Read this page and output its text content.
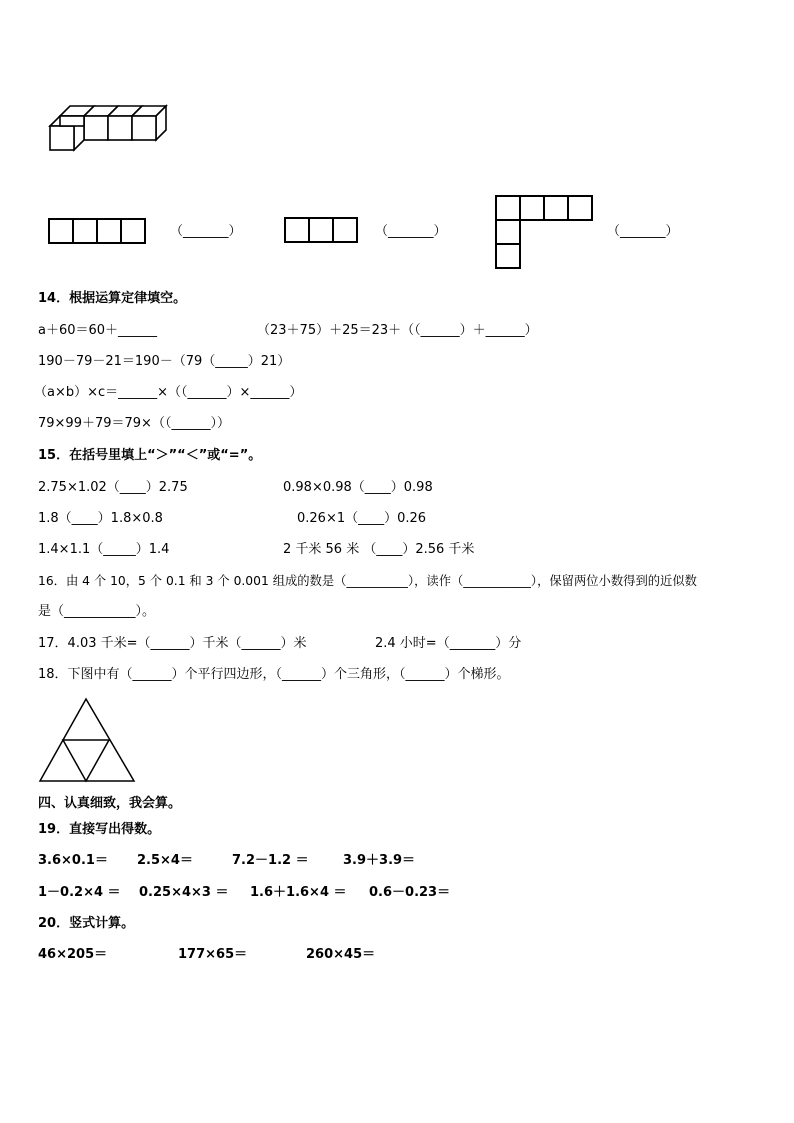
（_______）	（_______）	（_______）
14．根据运算定律填空。
a＋60＝60＋______	（23＋75）＋25＝23＋（（______）＋______）
190－79－21＝190－（79（_____）21）
（a×b）×c＝______×（（______）×______）
79×99＋79＝79×（（______））
15．在括号里填上“＞”“＜”或“=”。
2.75×1.02（____）2.75	0.98×0.98（____）0.98
1.8（____）1.8×0.8	0.26×1（____）0.26
1.4×1.1（_____）1.4	2 千米 56 米 （____）2.56 千米
16．由 4 个 10，5 个 0.1 和 3 个 0.001 组成的数是（__________），读作（___________），保留两位小数得到的近似数
是（___________）。
17．4.03 千米=（______）千米（______）米	2.4 小时=（_______）分
18．下图中有（______）个平行四边形，（______）个三角形，（______）个梯形。
四、认真细致，我会算。
19．直接写出得数。
3.6×0.1＝ 2.5×4＝	7.2－1.2 ＝	3.9＋3.9＝
1－0.2×4 ＝ 0.25×4×3 ＝ 1.6＋1.6×4 ＝ 0.6－0.23＝
20．竖式计算。
46×205＝	177×65＝	260×45＝
